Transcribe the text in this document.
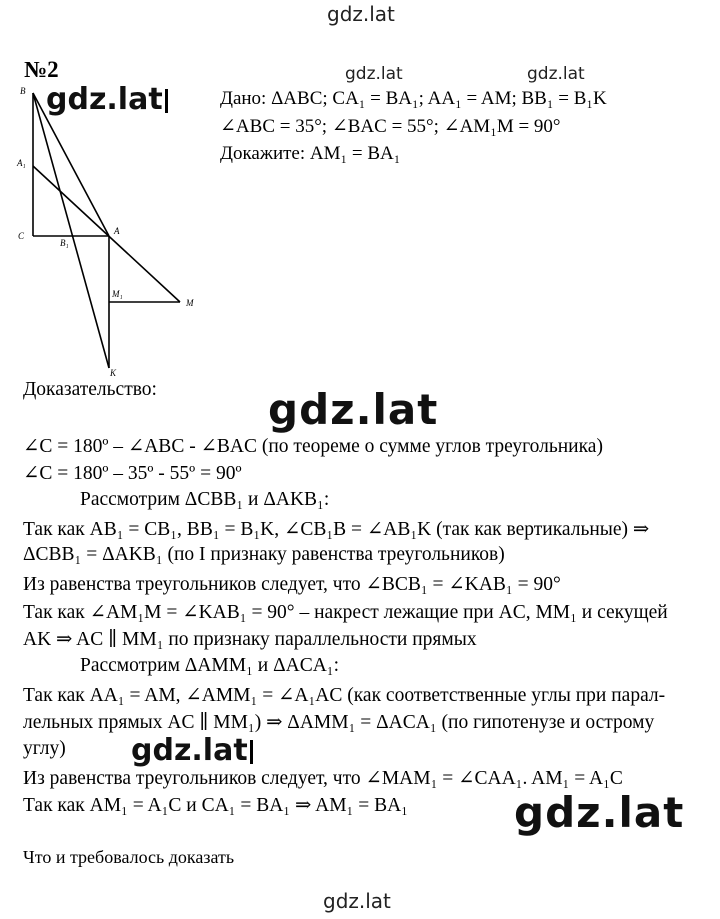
gdz.lat
gdz.lat	gdz.lat
gdz.lat
gdz.lat
gdz.lat
gdz.lat
gdz.lat
№2
Дано: ΔABC; CA₁ = BA₁; AA₁ = AM; BB₁ = B₁K
∠ABC = 35°; ∠BAC = 55°; ∠AM₁M = 90°
Докажите: AM₁ = BA₁
B
A₁
C
B₁
A
M₁
M
K
Доказательство:
∠C = 180º – ∠ABC - ∠BAC (по теореме о сумме углов треугольника)
∠C = 180º – 35º - 55º = 90º
Рассмотрим ΔCBB₁ и ΔAKB₁:
Так как AB₁ = CB₁, BB₁ = B₁K, ∠CB₁B = ∠AB₁K (так как вертикальные) ⇒
ΔCBB₁ = ΔAKB₁ (по I признаку равенства треугольников)
Из равенства треугольников следует, что ∠BCB₁ = ∠KAB₁ = 90°
Так как ∠AM₁M = ∠KAB₁ = 90° – накрест лежащие при AC, MM₁ и секущей
AK ⇒ AC ∥ MM₁ по признаку параллельности прямых
Рассмотрим ΔAMM₁ и ΔACA₁:
Так как AA₁ = AM, ∠AMM₁ = ∠A₁AC (как соответственные углы при парал-
лельных прямых AC ∥ MM₁) ⇒ ΔAMM₁ = ΔACA₁ (по гипотенузе и острому
углу)
Из равенства треугольников следует, что ∠MAM₁ = ∠CAA₁. AM₁ = A₁C
Так как AM₁ = A₁C и CA₁ = BA₁ ⇒ AM₁ = BA₁
Что и требовалось доказать
